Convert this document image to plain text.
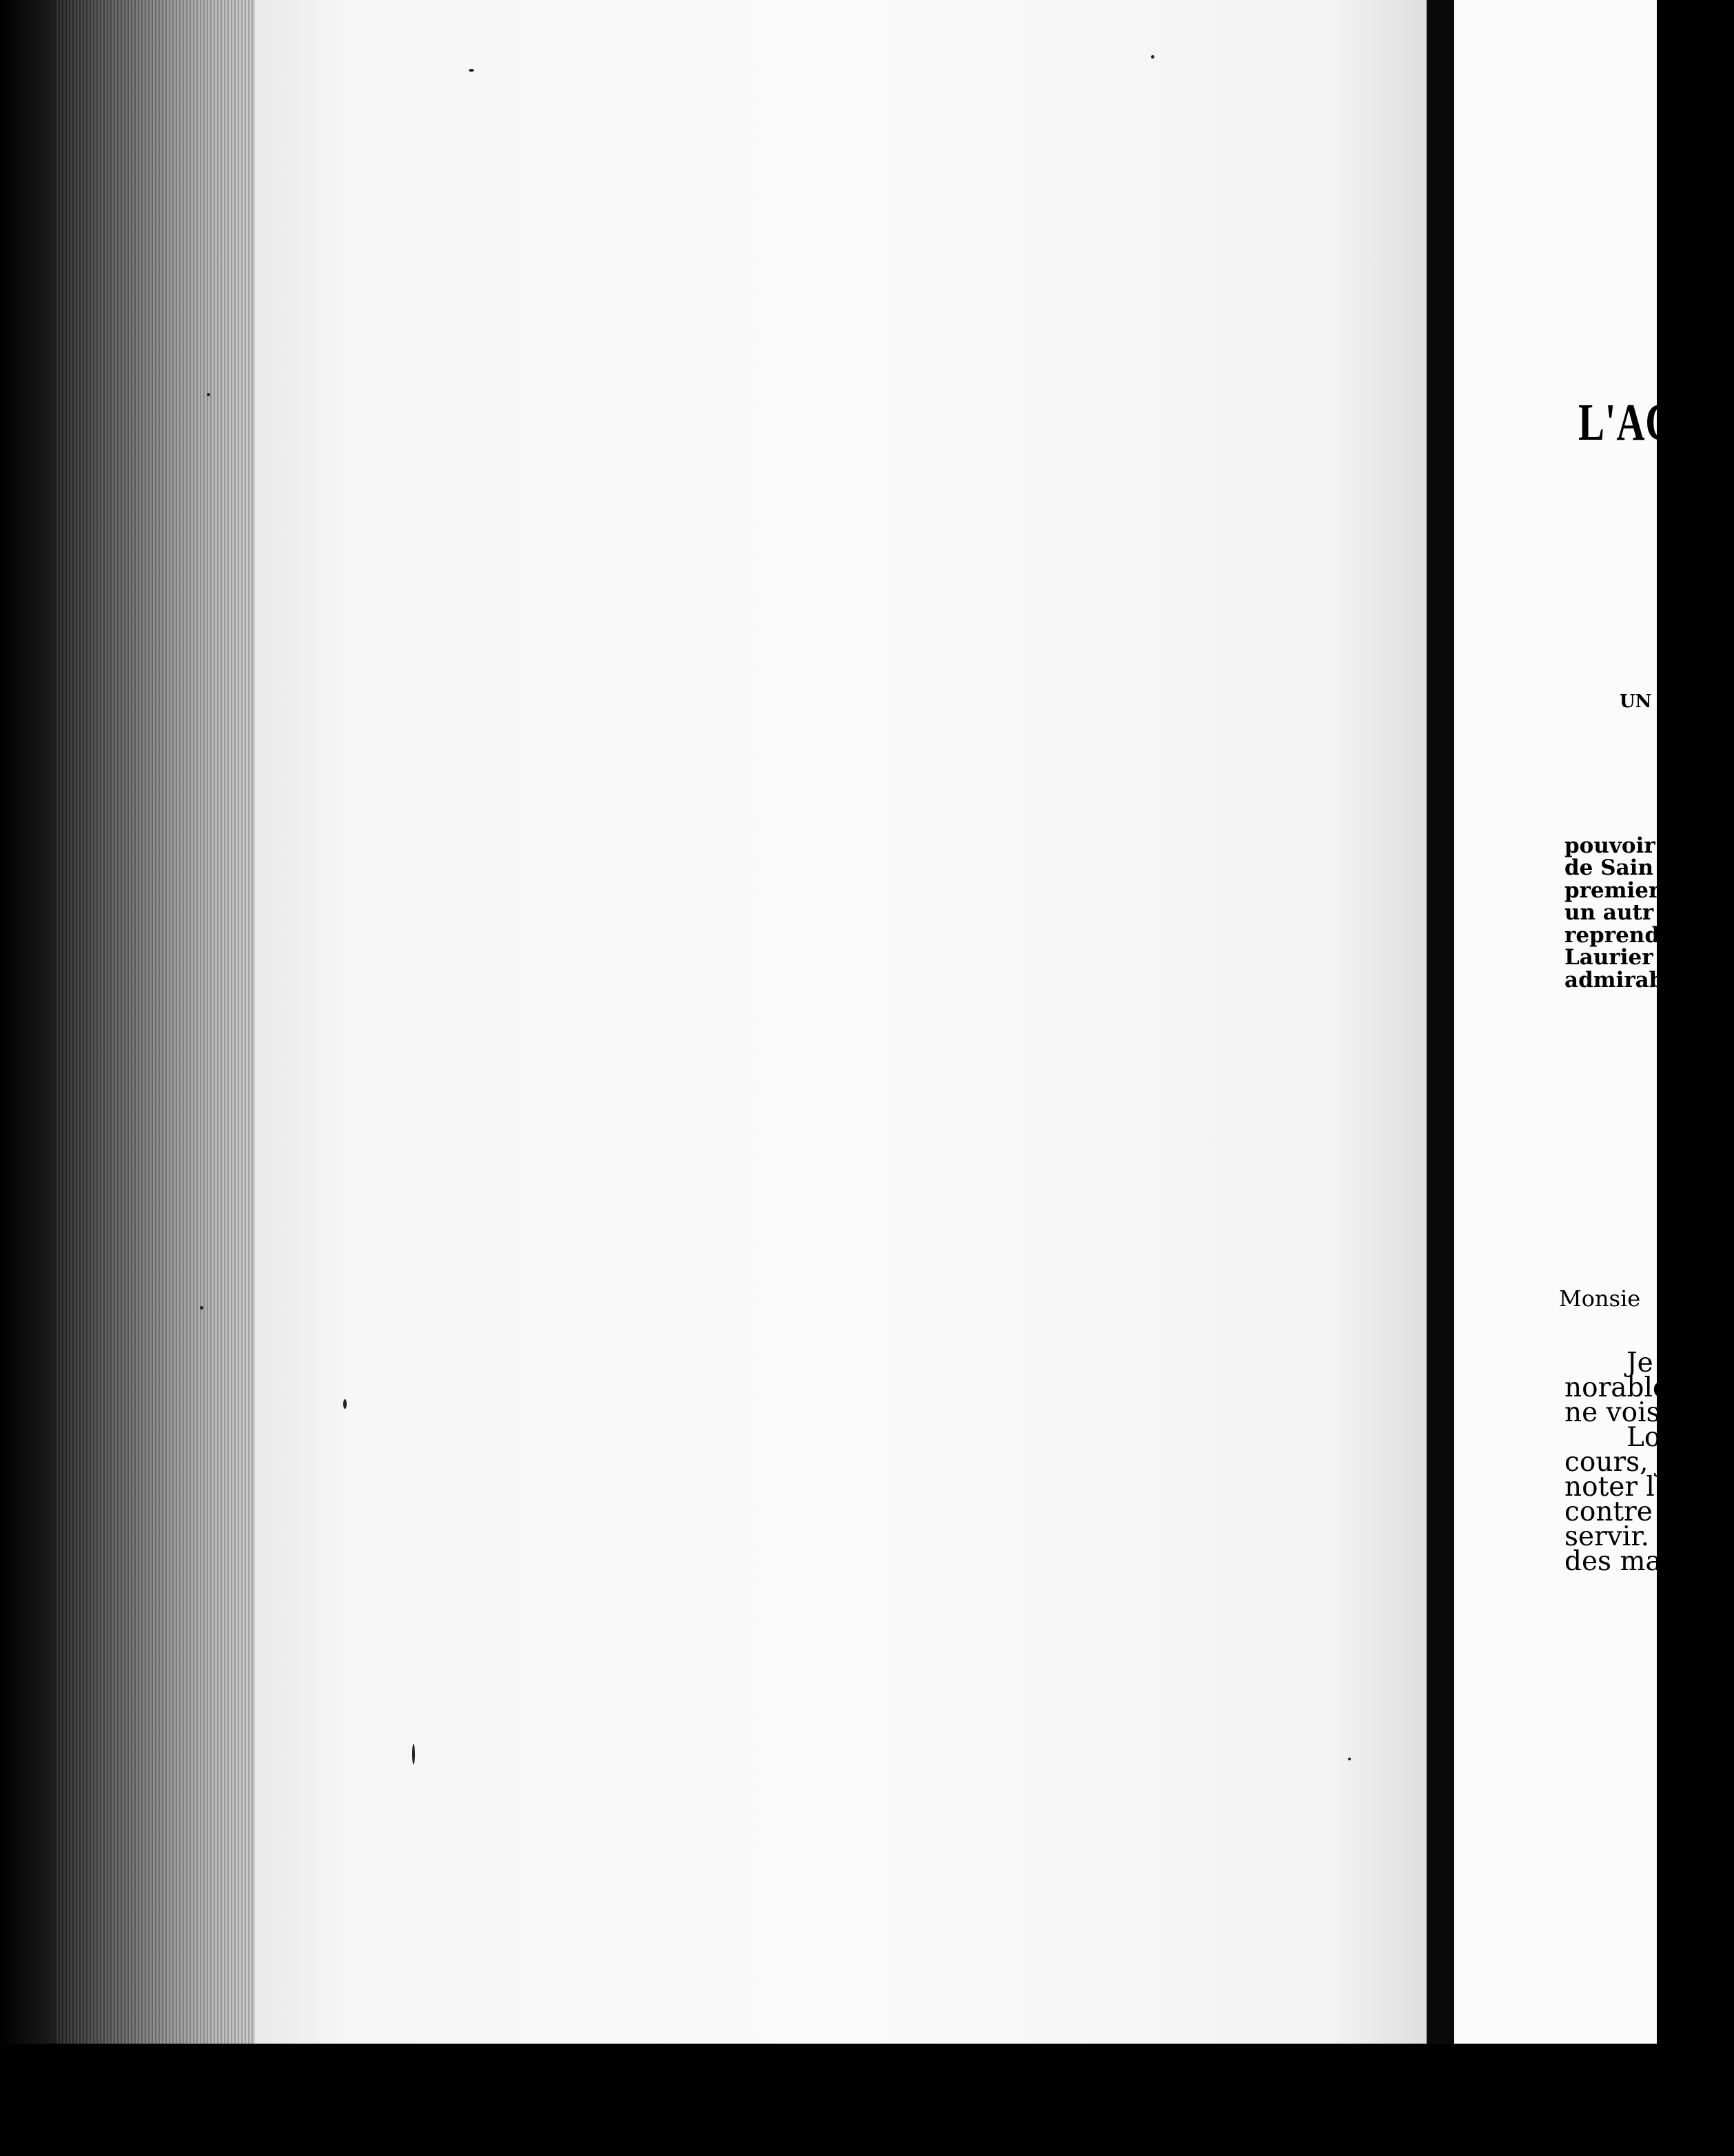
L'AC
UN
En
pouvoir
de Sain
premier
un autr
reprend
Laurier
admirab
Monsie
Je
norable
ne vois
Lor
cours, j
noter l
contre l'
servir.
des mat
